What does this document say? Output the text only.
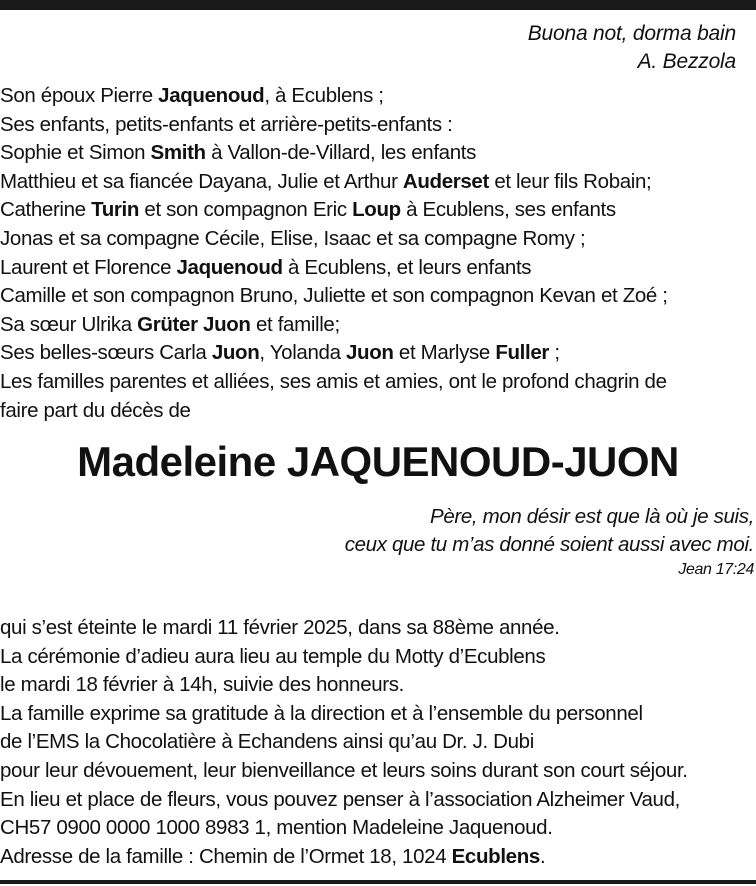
Buona not, dorma bain
A. Bezzola
Son époux Pierre Jaquenoud, à Ecublens ;
Ses enfants, petits-enfants et arrière-petits-enfants :
Sophie et Simon Smith à Vallon-de-Villard, les enfants
Matthieu et sa fiancée Dayana, Julie et Arthur Auderset et leur fils Robain;
Catherine Turin et son compagnon Eric Loup à Ecublens, ses enfants
Jonas et sa compagne Cécile, Elise, Isaac et sa compagne Romy ;
Laurent et Florence Jaquenoud à Ecublens, et leurs enfants
Camille et son compagnon Bruno, Juliette et son compagnon Kevan et Zoé ;
Sa sœur Ulrika Grüter Juon et famille;
Ses belles-sœurs Carla Juon, Yolanda Juon et Marlyse Fuller ;
Les familles parentes et alliées, ses amis et amies, ont le profond chagrin de
faire part du décès de
Madeleine JAQUENOUD-JUON
Père, mon désir est que là où je suis,
ceux que tu m’as donné soient aussi avec moi.
Jean 17:24
qui s’est éteinte le mardi 11 février 2025, dans sa 88ème année.
La cérémonie d’adieu aura lieu au temple du Motty d’Ecublens
le mardi 18 février à 14h, suivie des honneurs.
La famille exprime sa gratitude à la direction et à l’ensemble du personnel
de l’EMS la Chocolatière à Echandens ainsi qu’au Dr. J. Dubi
pour leur dévouement, leur bienveillance et leurs soins durant son court séjour.
En lieu et place de fleurs, vous pouvez penser à l’association Alzheimer Vaud,
CH57 0900 0000 1000 8983 1, mention Madeleine Jaquenoud.
Adresse de la famille : Chemin de l’Ormet 18, 1024 Ecublens.
